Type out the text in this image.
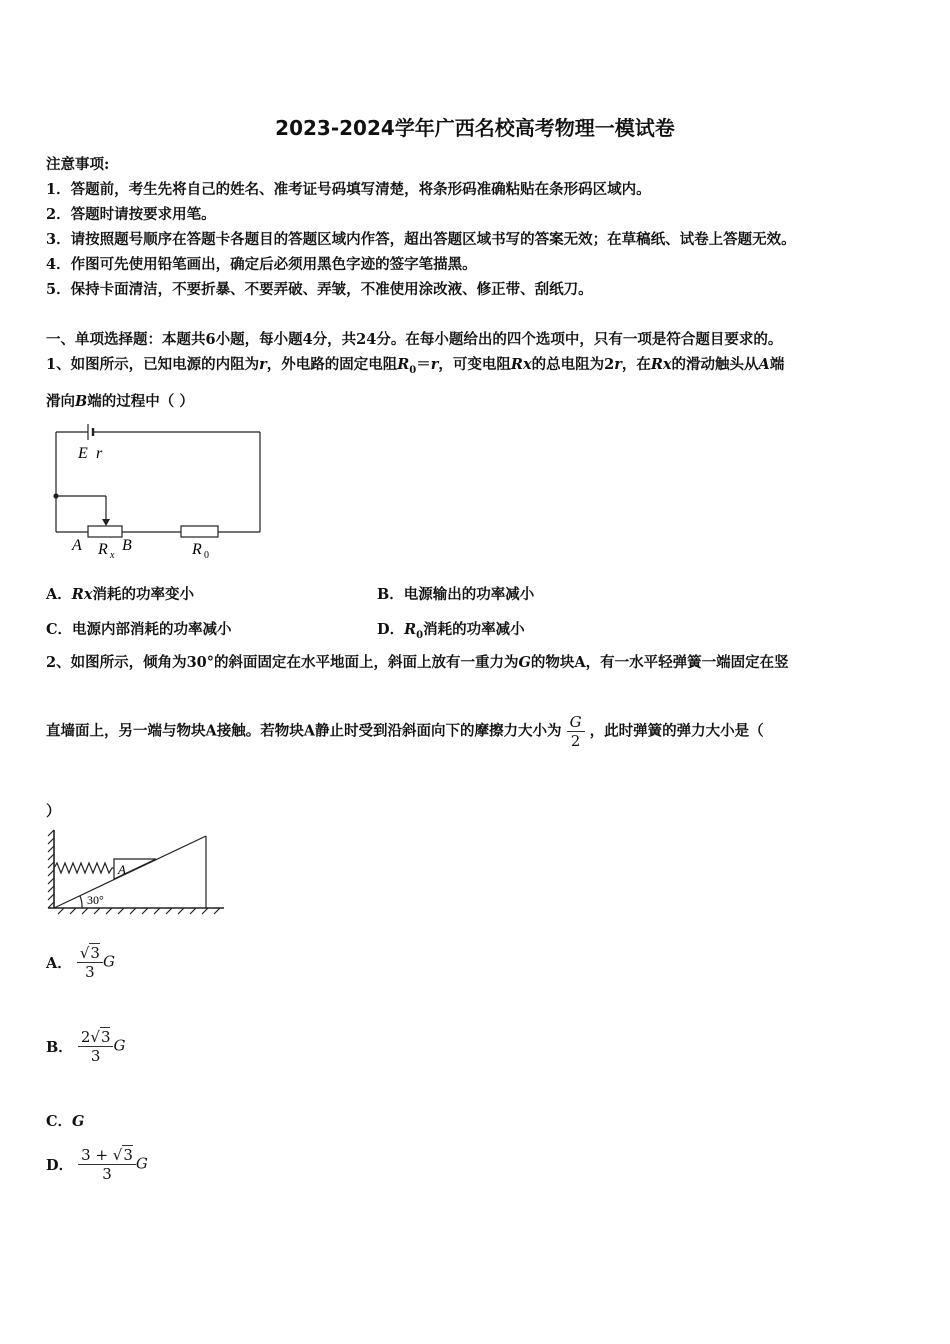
2023-2024学年广西名校高考物理一模试卷
注意事项:
1．答题前，考生先将自己的姓名、准考证号码填写清楚，将条形码准确粘贴在条形码区域内。
2．答题时请按要求用笔。
3．请按照题号顺序在答题卡各题目的答题区域内作答，超出答题区域书写的答案无效；在草稿纸、试卷上答题无效。
4．作图可先使用铅笔画出，确定后必须用黑色字迹的签字笔描黑。
5．保持卡面清洁，不要折暴、不要弄破、弄皱，不准使用涂改液、修正带、刮纸刀。
一、单项选择题：本题共6小题，每小题4分，共24分。在每小题给出的四个选项中，只有一项是符合题目要求的。
1、如图所示，已知电源的内阻为r，外电路的固定电阻$R_0=r$，可变电阻Rx的总电阻为2r，在Rx的滑动触头从A端
滑向B端的过程中（ ）
E r
A R x
B	R 0
A．Rx消耗的功率变小	B．电源输出的功率减小
C．电源内部消耗的功率减小	D．$R_0$消耗的功率减小
2、如图所示，倾角为30°的斜面固定在水平地面上，斜面上放有一重力为G的物块A，有一水平轻弹簧一端固定在竖
直墙面上，另一端与物块A接触。若物块A静止时受到沿斜面向下的摩擦力大小为 $\frac{G}{2}$ ，此时弹簧的弹力大小是（
）
A
30°
A． $\frac{√3}{3}$ G
B． $\frac{2√3}{3}$ G
C．G
D． $\frac{3 + √3}{3}$ G
